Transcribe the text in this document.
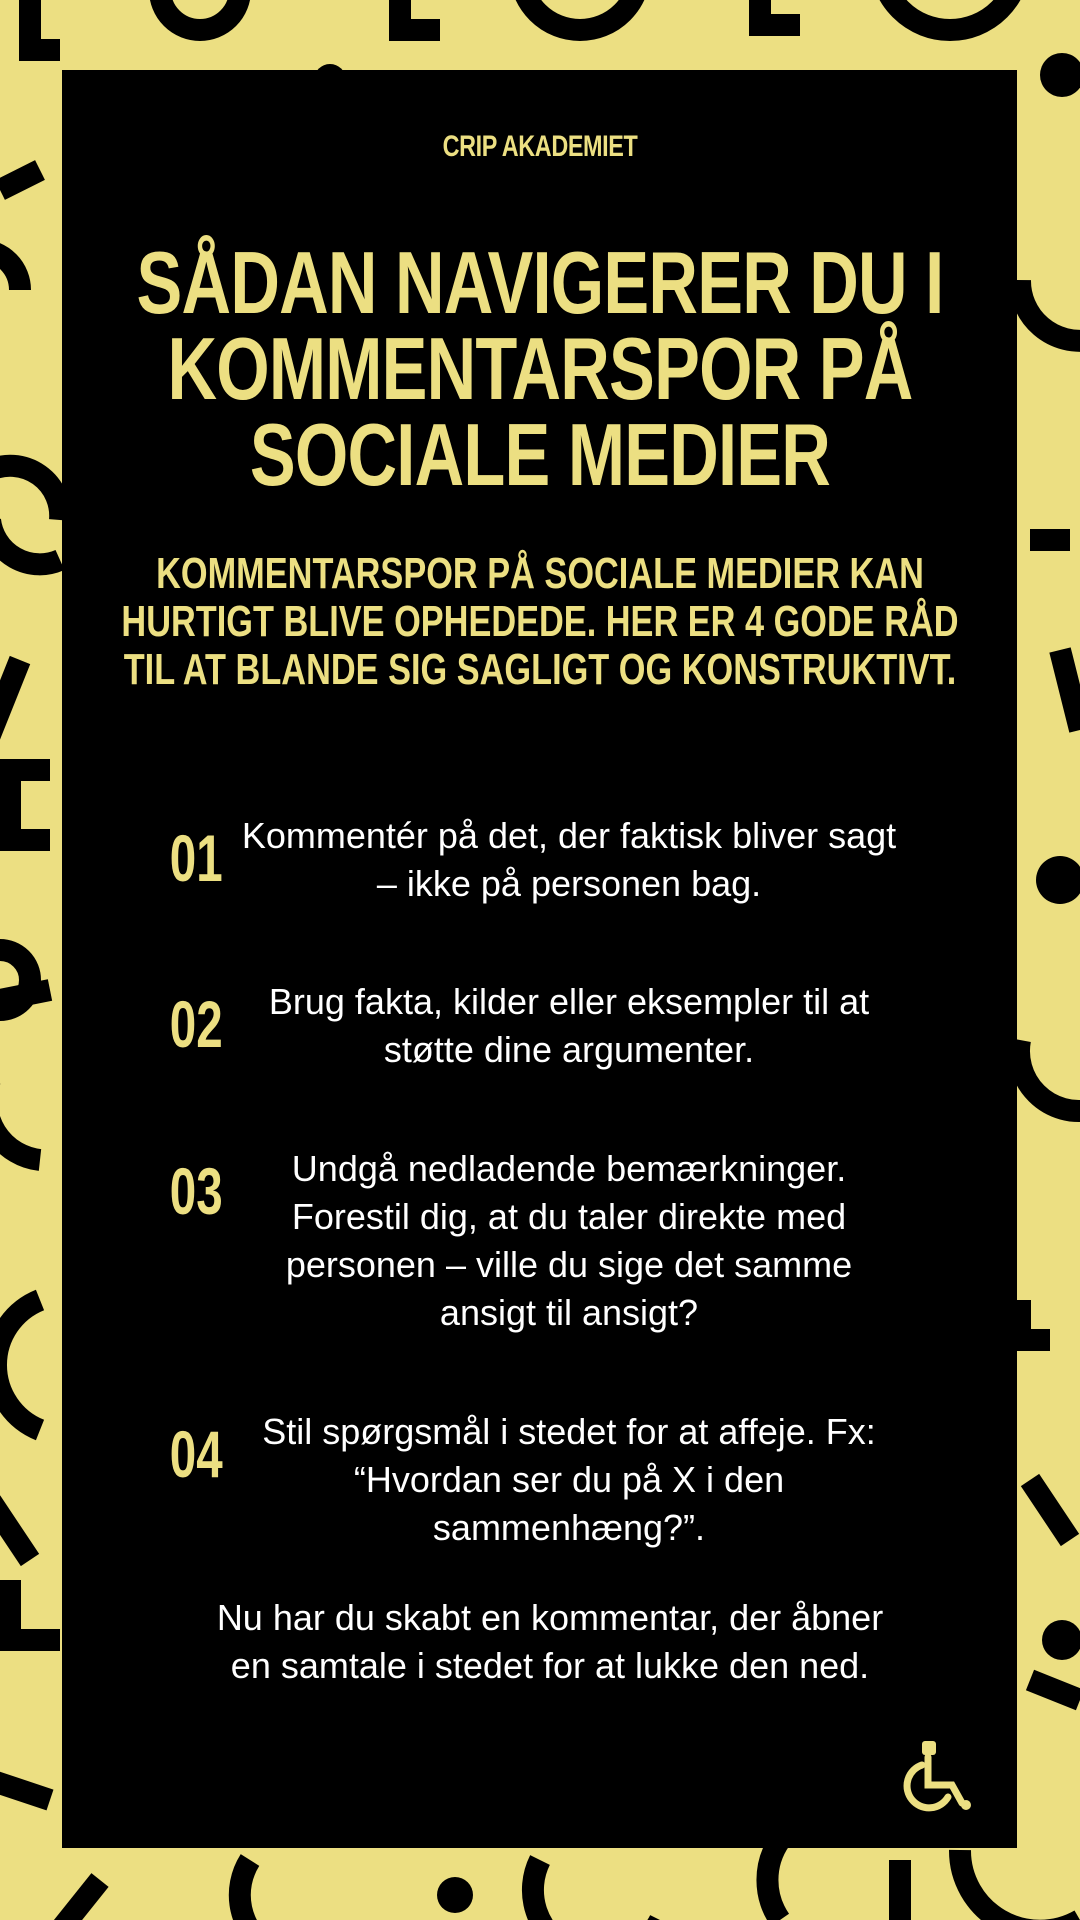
CRIP AKADEMIET
SÅDAN NAVIGERER DU I KOMMENTARSPOR PÅ SOCIALE MEDIER

KOMMENTARSPOR PÅ SOCIALE MEDIER KAN HURTIGT BLIVE OPHEDEDE. HER ER 4 GODE RÅD TIL AT BLANDE SIG SAGLIGT OG KONSTRUKTIVT.

01 Kommentér på det, der faktisk bliver sagt – ikke på personen bag.
02	Brug fakta, kilder eller eksempler til at støtte dine argumenter.
03	Undgå nedladende bemærkninger. Forestil dig, at du taler direkte med personen – ville du sige det samme ansigt til ansigt?
04	Stil spørgsmål i stedet for at affeje. Fx: “Hvordan ser du på X i den sammenhæng?”.

Nu har du skabt en kommentar, der åbner en samtale i stedet for at lukke den ned.
